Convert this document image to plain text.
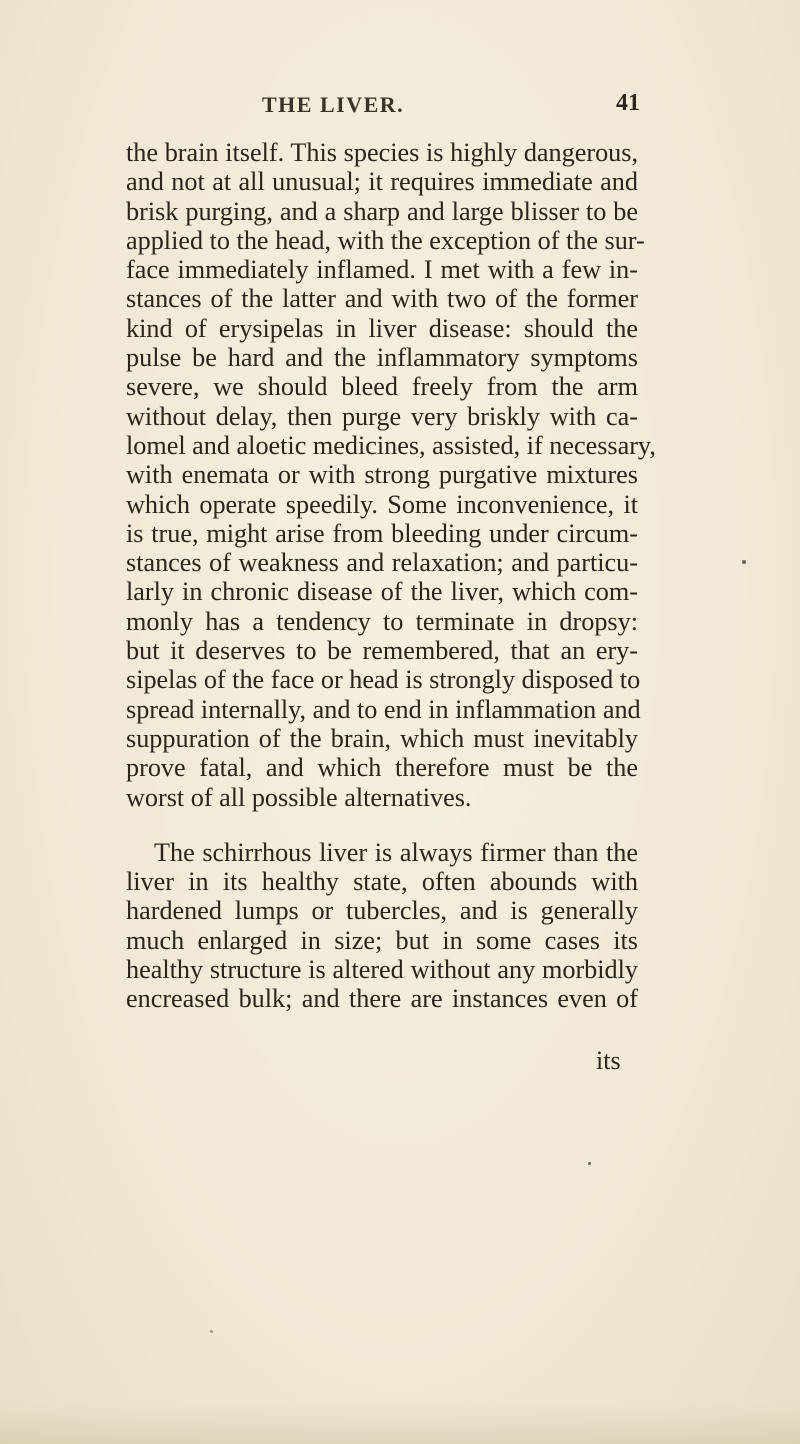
THE LIVER.	41
the brain itself. This species is highly dangerous,
and not at all unusual; it requires immediate and
brisk purging, and a sharp and large blisser to be
applied to the head, with the exception of the sur-
face immediately inflamed. I met with a few in-
stances of the latter and with two of the former
kind of erysipelas in liver disease: should the
pulse be hard and the inflammatory symptoms
severe, we should bleed freely from the arm
without delay, then purge very briskly with ca-
lomel and aloetic medicines, assisted, if necessary,
with enemata or with strong purgative mixtures
which operate speedily. Some inconvenience, it
is true, might arise from bleeding under circum-
stances of weakness and relaxation; and particu-
larly in chronic disease of the liver, which com-
monly has a tendency to terminate in dropsy:
but it deserves to be remembered, that an ery-
sipelas of the face or head is strongly disposed to
spread internally, and to end in inflammation and
suppuration of the brain, which must inevitably
prove fatal, and which therefore must be the
worst of all possible alternatives.
The schirrhous liver is always firmer than the
liver in its healthy state, often abounds with
hardened lumps or tubercles, and is generally
much enlarged in size; but in some cases its
healthy structure is altered without any morbidly
encreased bulk; and there are instances even of
its
